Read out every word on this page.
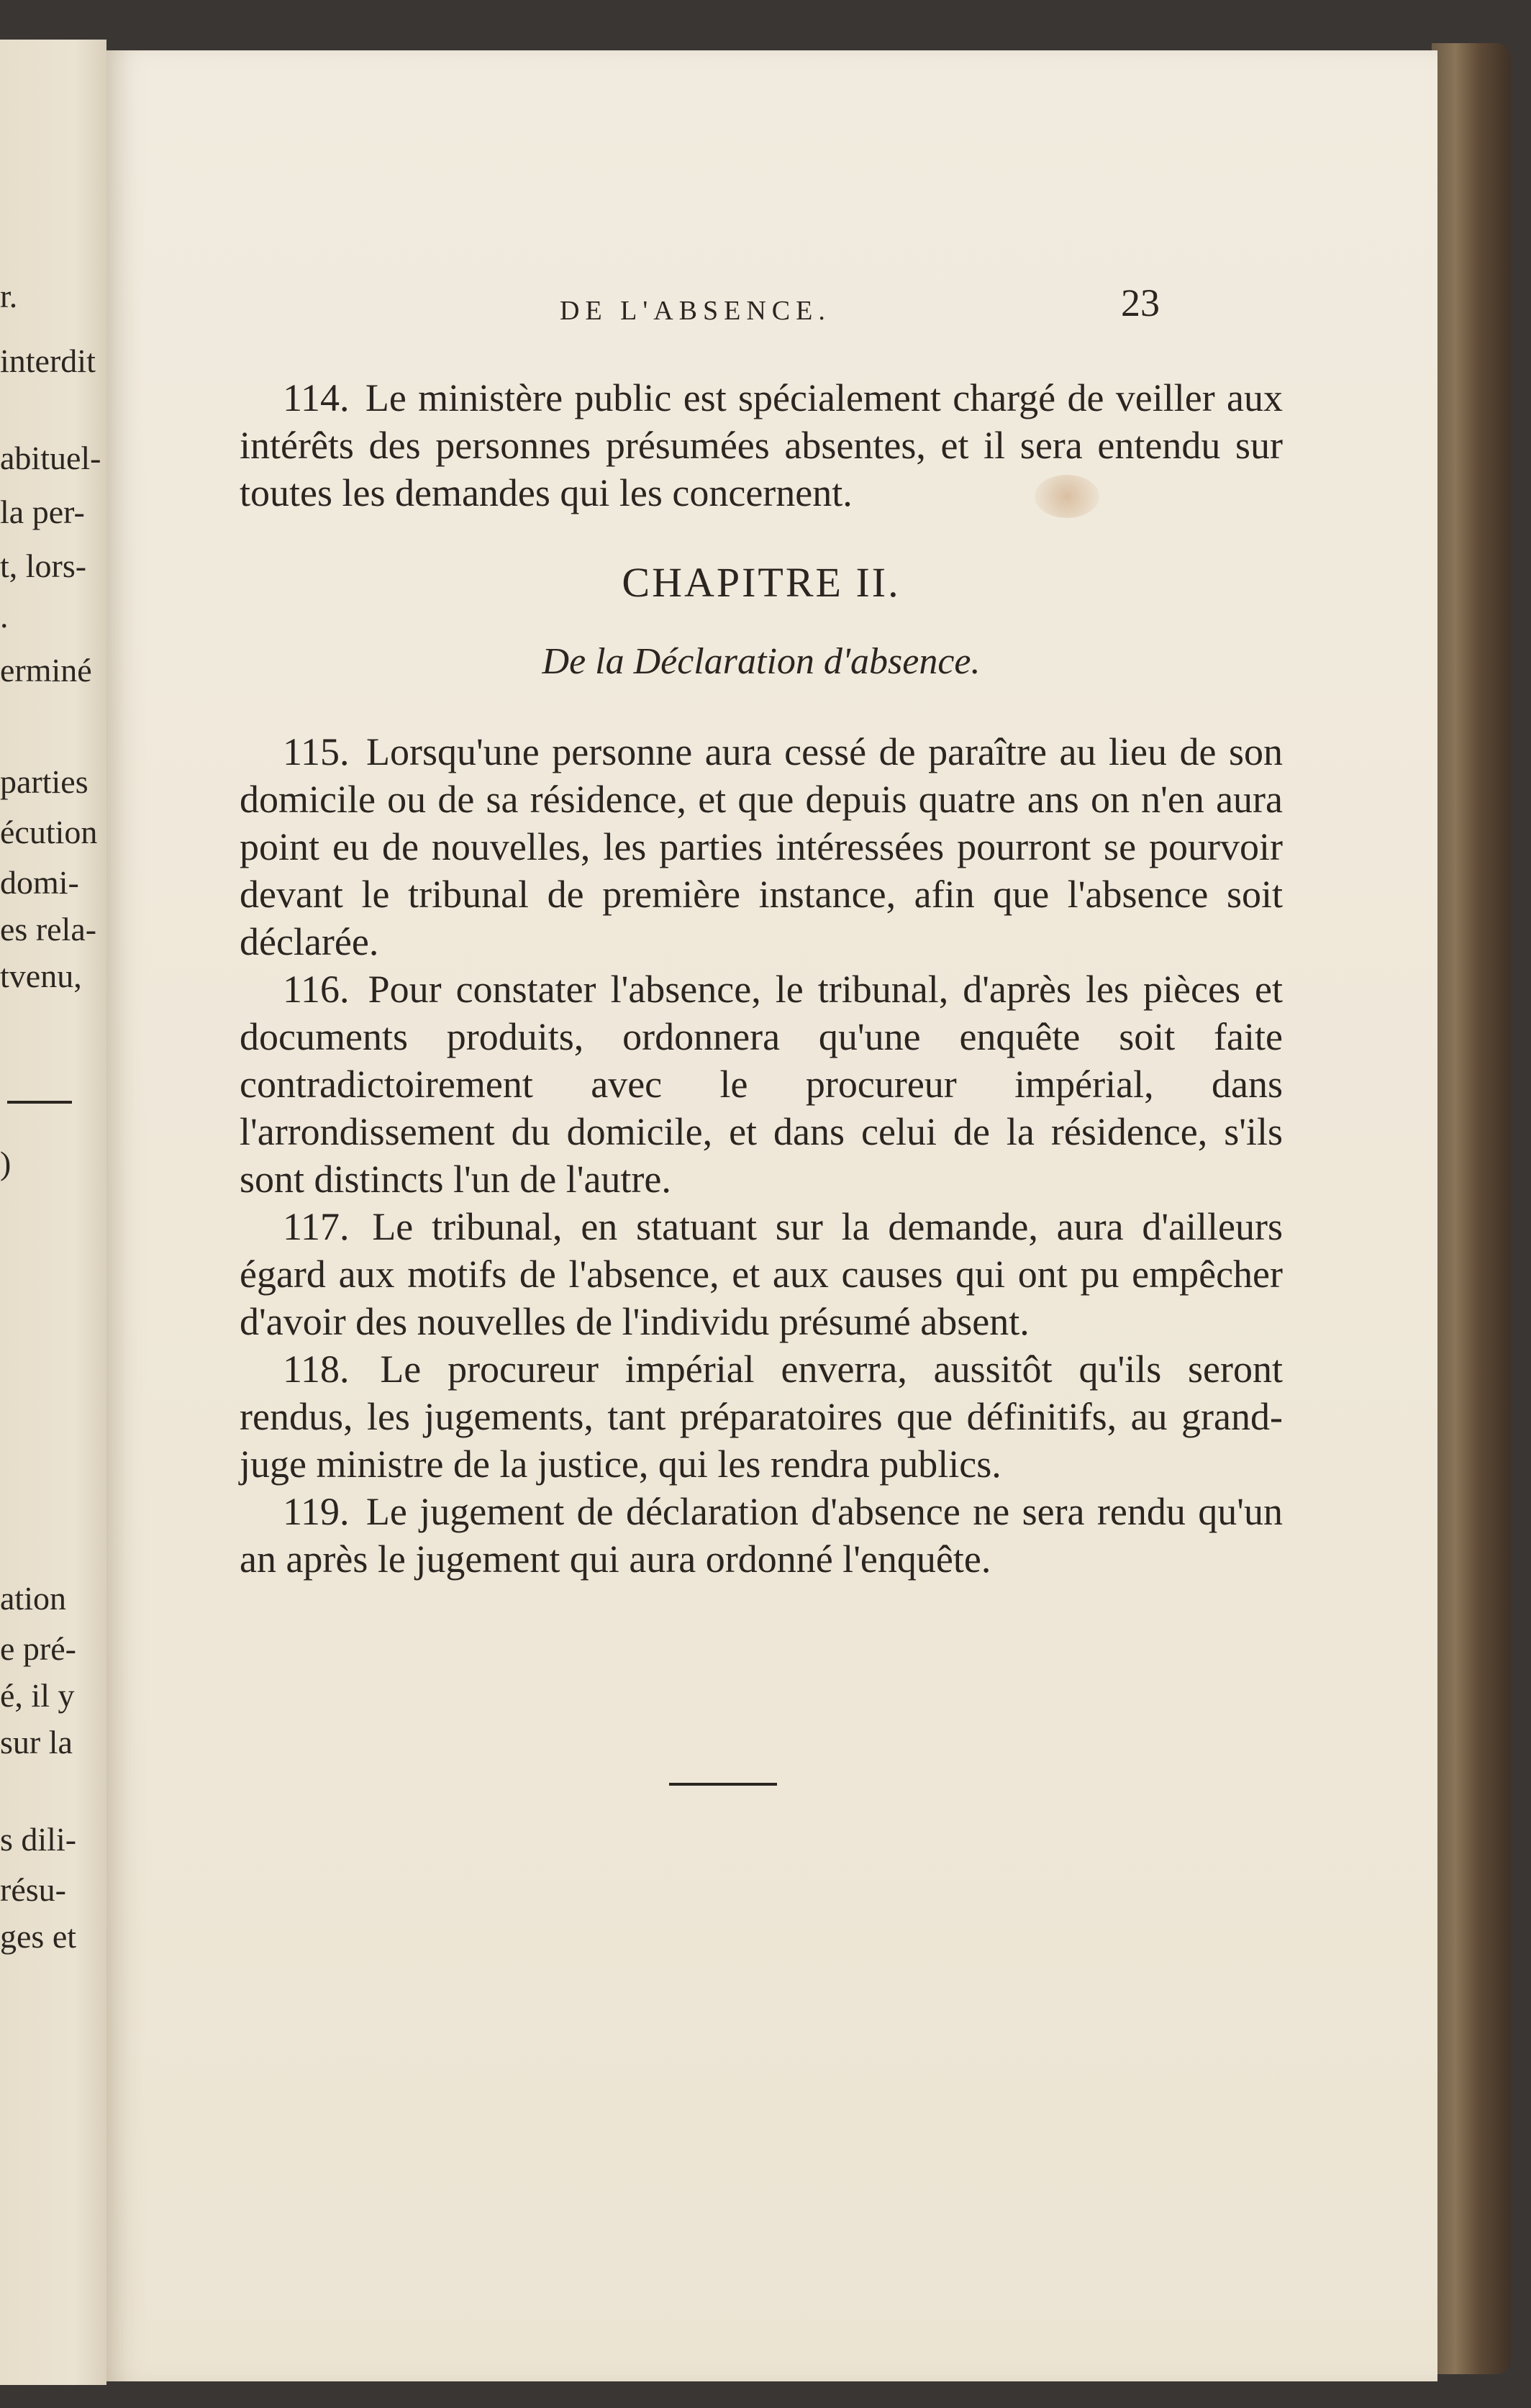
r.
interdit
abituel-
la per-
t, lors-
.
erminé
parties
écution
domi-
es rela-
tvenu,
)
ation
e pré-
é, il y
sur la
s dili-
résu-
ges et
DE L'ABSENCE.	23

114. Le ministère public est spécialement chargé de veiller aux intérêts des personnes présumées absentes, et il sera entendu sur toutes les demandes qui les concernent.

CHAPITRE II.

De la Déclaration d'absence.

115. Lorsqu'une personne aura cessé de paraître au lieu de son domicile ou de sa résidence, et que depuis quatre ans on n'en aura point eu de nouvelles, les parties intéressées pourront se pourvoir devant le tribunal de première instance, afin que l'absence soit déclarée.

116. Pour constater l'absence, le tribunal, d'après les pièces et documents produits, ordonnera qu'une enquête soit faite contradictoirement avec le procureur impérial, dans l'arrondissement du domicile, et dans celui de la résidence, s'ils sont distincts l'un de l'autre.

117. Le tribunal, en statuant sur la demande, aura d'ailleurs égard aux motifs de l'absence, et aux causes qui ont pu empêcher d'avoir des nouvelles de l'individu présumé absent.

118. Le procureur impérial enverra, aussitôt qu'ils seront rendus, les jugements, tant préparatoires que définitifs, au grand-juge ministre de la justice, qui les rendra publics.

119. Le jugement de déclaration d'absence ne sera rendu qu'un an après le jugement qui aura ordonné l'enquête.
